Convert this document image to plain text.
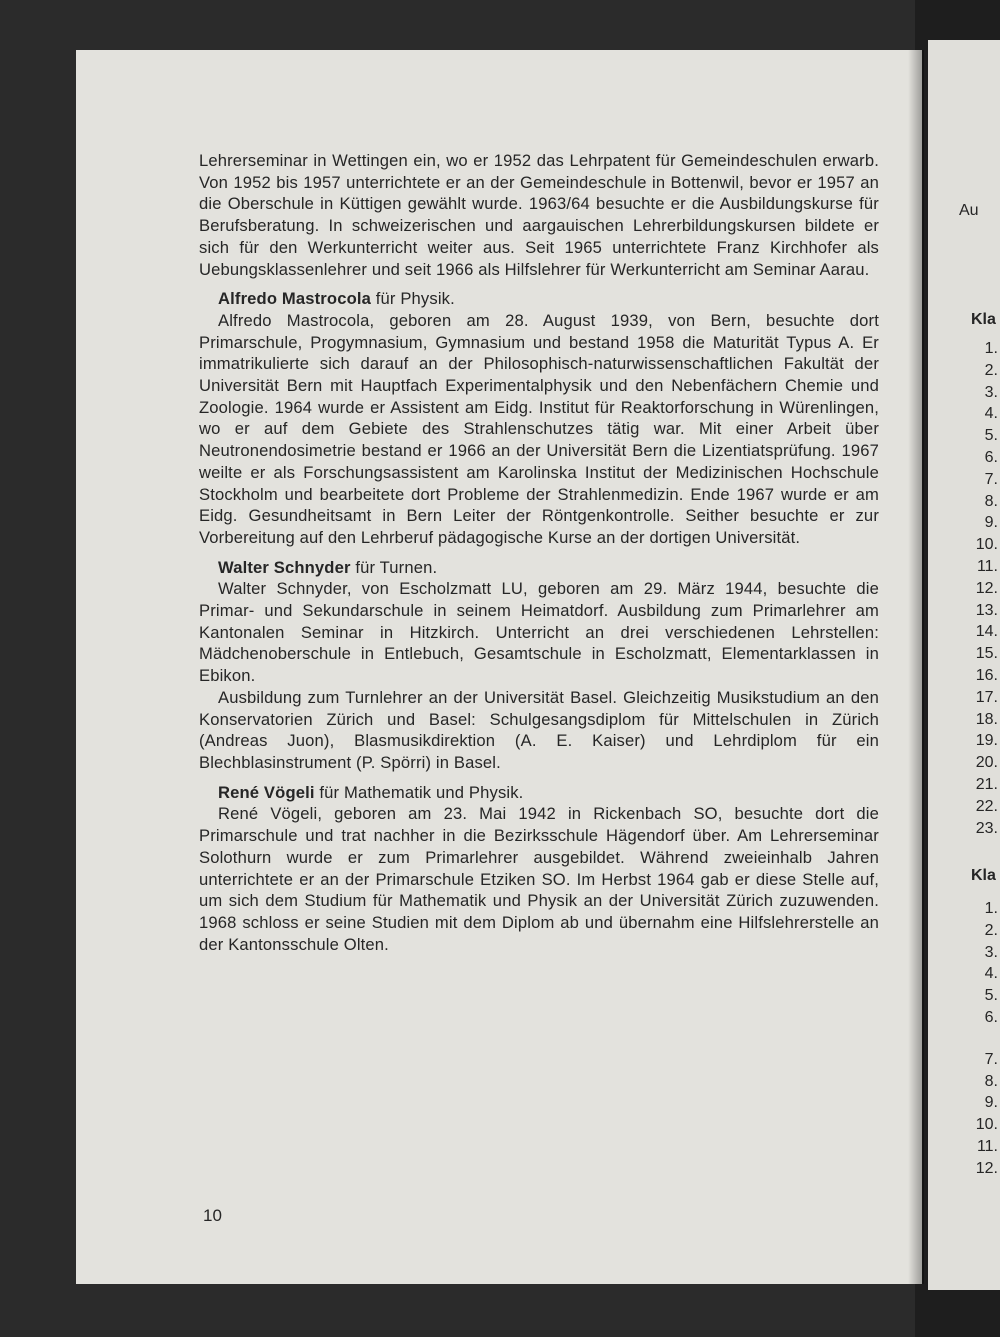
Au
Kla
Kla
1.
2.
3.
4.
5.
6.
7.
8.
9.
10.
11.
12.
13.
14.
15.
16.
17.
18.
19.
20.
21.
22.
23.
1.
2.
3.
4.
5.
6.
7.
8.
9.
10.
11.
12.

Lehrerseminar in Wettingen ein, wo er 1952 das Lehrpatent für Gemeindeschulen erwarb. Von 1952 bis 1957 unterrichtete er an der Gemeindeschule in Bottenwil, bevor er 1957 an die Oberschule in Küttigen gewählt wurde. 1963/64 besuchte er die Ausbildungskurse für Berufsberatung. In schweizerischen und aargauischen Lehrerbildungskursen bildete er sich für den Werkunterricht weiter aus. Seit 1965 unterrichtete Franz Kirchhofer als Uebungsklassenlehrer und seit 1966 als Hilfslehrer für Werkunterricht am Seminar Aarau.

Alfredo Mastrocola für Physik.

Alfredo Mastrocola, geboren am 28. August 1939, von Bern, besuchte dort Primarschule, Progymnasium, Gymnasium und bestand 1958 die Maturität Typus A. Er immatrikulierte sich darauf an der Philosophisch-naturwissenschaftlichen Fakultät der Universität Bern mit Hauptfach Experimentalphysik und den Nebenfächern Chemie und Zoologie. 1964 wurde er Assistent am Eidg. Institut für Reaktorforschung in Würenlingen, wo er auf dem Gebiete des Strahlenschutzes tätig war. Mit einer Arbeit über Neutronendosimetrie bestand er 1966 an der Universität Bern die Lizentiatsprüfung. 1967 weilte er als Forschungsassistent am Karolinska Institut der Medizinischen Hochschule Stockholm und bearbeitete dort Probleme der Strahlenmedizin. Ende 1967 wurde er am Eidg. Gesundheitsamt in Bern Leiter der Röntgenkontrolle. Seither besuchte er zur Vorbereitung auf den Lehrberuf pädagogische Kurse an der dortigen Universität.

Walter Schnyder für Turnen.

Walter Schnyder, von Escholzmatt LU, geboren am 29. März 1944, besuchte die Primar- und Sekundarschule in seinem Heimatdorf. Ausbildung zum Primarlehrer am Kantonalen Seminar in Hitzkirch. Unterricht an drei verschiedenen Lehrstellen: Mädchenoberschule in Entlebuch, Gesamtschule in Escholzmatt, Elementarklassen in Ebikon.

Ausbildung zum Turnlehrer an der Universität Basel. Gleichzeitig Musikstudium an den Konservatorien Zürich und Basel: Schulgesangsdiplom für Mittelschulen in Zürich (Andreas Juon), Blasmusikdirektion (A. E. Kaiser) und Lehrdiplom für ein Blechblasinstrument (P. Spörri) in Basel.

René Vögeli für Mathematik und Physik.

René Vögeli, geboren am 23. Mai 1942 in Rickenbach SO, besuchte dort die Primarschule und trat nachher in die Bezirksschule Hägendorf über. Am Lehrerseminar Solothurn wurde er zum Primarlehrer ausgebildet. Während zweieinhalb Jahren unterrichtete er an der Primarschule Etziken SO. Im Herbst 1964 gab er diese Stelle auf, um sich dem Studium für Mathematik und Physik an der Universität Zürich zuzuwenden. 1968 schloss er seine Studien mit dem Diplom ab und übernahm eine Hilfslehrerstelle an der Kantonsschule Olten.

10
